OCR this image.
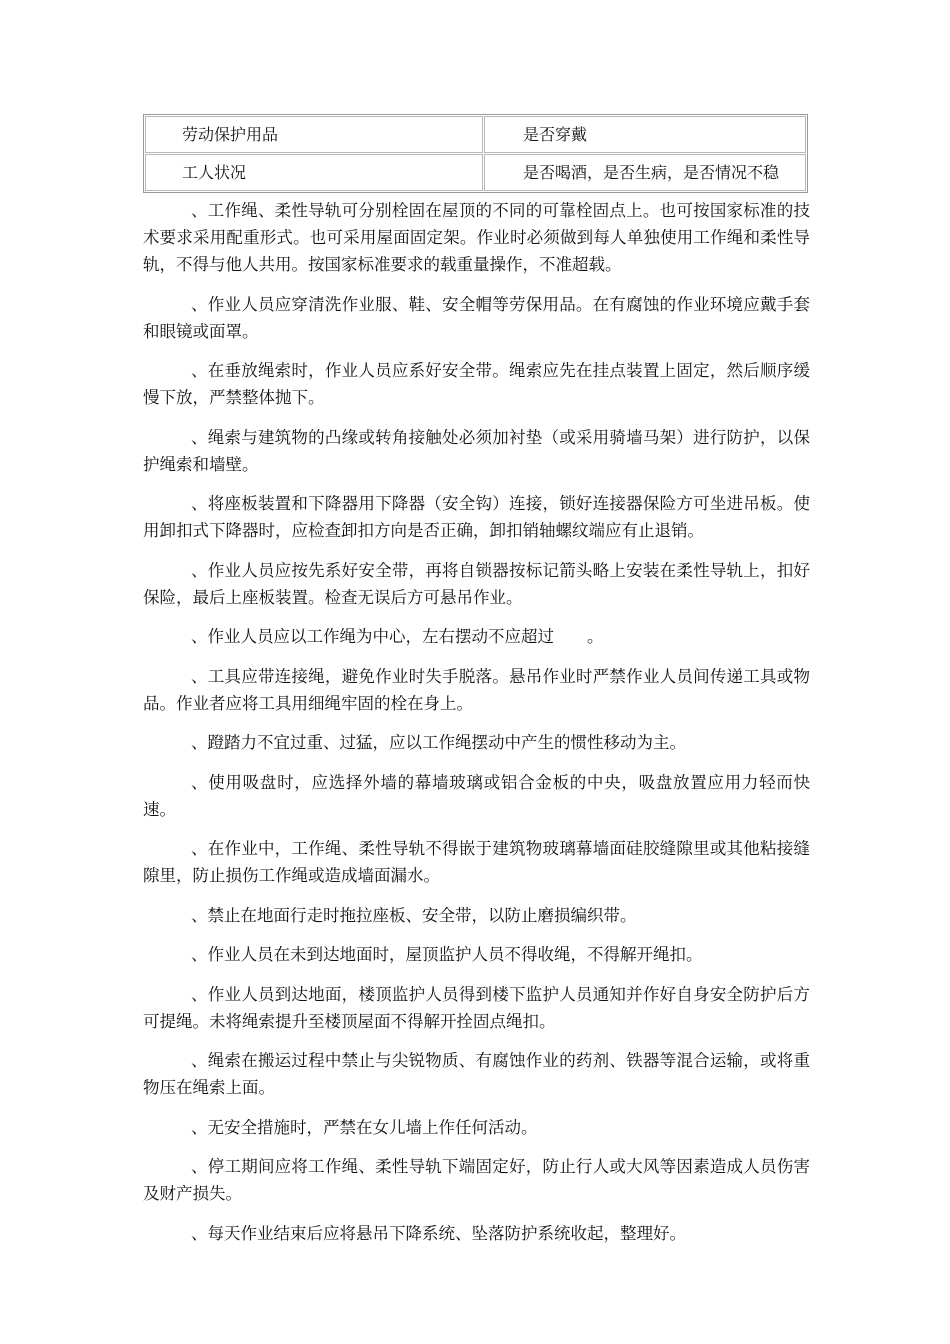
劳动保护用品	是否穿戴
工人状况	是否喝酒，是否生病，是否情况不稳

、工作绳、柔性导轨可分别栓固在屋顶的不同的可靠栓固点上。也可按国家标准的技术要求采用配重形式。也可采用屋面固定架。作业时必须做到每人单独使用工作绳和柔性导轨，不得与他人共用。按国家标准要求的载重量操作，不准超载。

、作业人员应穿清洗作业服、鞋、安全帽等劳保用品。在有腐蚀的作业环境应戴手套和眼镜或面罩。

、在垂放绳索时，作业人员应系好安全带。绳索应先在挂点装置上固定，然后顺序缓慢下放，严禁整体抛下。

、绳索与建筑物的凸缘或转角接触处必须加衬垫（或采用骑墙马架）进行防护，以保护绳索和墙壁。

、将座板装置和下降器用下降器（安全钩）连接，锁好连接器保险方可坐进吊板。使用卸扣式下降器时，应检查卸扣方向是否正确，卸扣销轴螺纹端应有止退销。

、作业人员应按先系好安全带，再将自锁器按标记箭头略上安装在柔性导轨上，扣好保险，最后上座板装置。检查无误后方可悬吊作业。

、作业人员应以工作绳为中心，左右摆动不应超过　　。

、工具应带连接绳，避免作业时失手脱落。悬吊作业时严禁作业人员间传递工具或物品。作业者应将工具用细绳牢固的栓在身上。

、蹬踏力不宜过重、过猛，应以工作绳摆动中产生的惯性移动为主。

、使用吸盘时，应选择外墙的幕墙玻璃或铝合金板的中央，吸盘放置应用力轻而快速。

、在作业中，工作绳、柔性导轨不得嵌于建筑物玻璃幕墙面硅胶缝隙里或其他粘接缝隙里，防止损伤工作绳或造成墙面漏水。

、禁止在地面行走时拖拉座板、安全带，以防止磨损编织带。

、作业人员在未到达地面时，屋顶监护人员不得收绳，不得解开绳扣。

、作业人员到达地面，楼顶监护人员得到楼下监护人员通知并作好自身安全防护后方可提绳。未将绳索提升至楼顶屋面不得解开拴固点绳扣。

、绳索在搬运过程中禁止与尖锐物质、有腐蚀作业的药剂、铁器等混合运输，或将重物压在绳索上面。

、无安全措施时，严禁在女儿墙上作任何活动。

、停工期间应将工作绳、柔性导轨下端固定好，防止行人或大风等因素造成人员伤害及财产损失。

、每天作业结束后应将悬吊下降系统、坠落防护系统收起，整理好。
